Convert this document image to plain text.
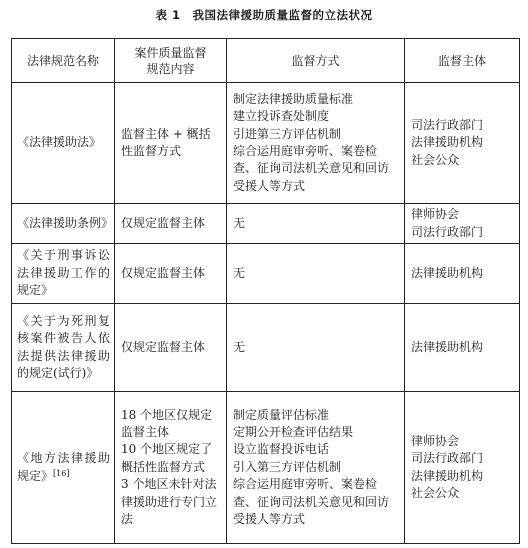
表 1　我国法律援助质量监督的立法状况
法律规范名称	案件质量监督规范内容	监督方式	监督主体
《法律援助法》	监督主体 + 概括性监督方式	制定法律援助质量标准
建立投诉查处制度
引进第三方评估机制
综合运用庭审旁听、案卷检查、征询司法机关意见和回访受援人等方式	司法行政部门
法律援助机构
社会公众

《法律援助条例》	仅规定监督主体	无	律师协会
司法行政部门

《关于刑事诉讼法律援助工作的规定》	仅规定监督主体	无	法律援助机构

《关于为死刑复核案件被告人依法提供法律援助的规定(试行)》	仅规定监督主体	无	法律援助机构

《地方法律援助规定》[16]	18 个地区仅规定监督主体
10 个地区规定了概括性监督方式
3 个地区未针对法律援助进行专门立法	制定质量评估标准
定期公开检查评估结果
设立监督投诉电话
引入第三方评估机制
综合运用庭审旁听、案卷检查、征询司法机关意见和回访受援人等方式	律师协会
司法行政部门
法律援助机构
社会公众
